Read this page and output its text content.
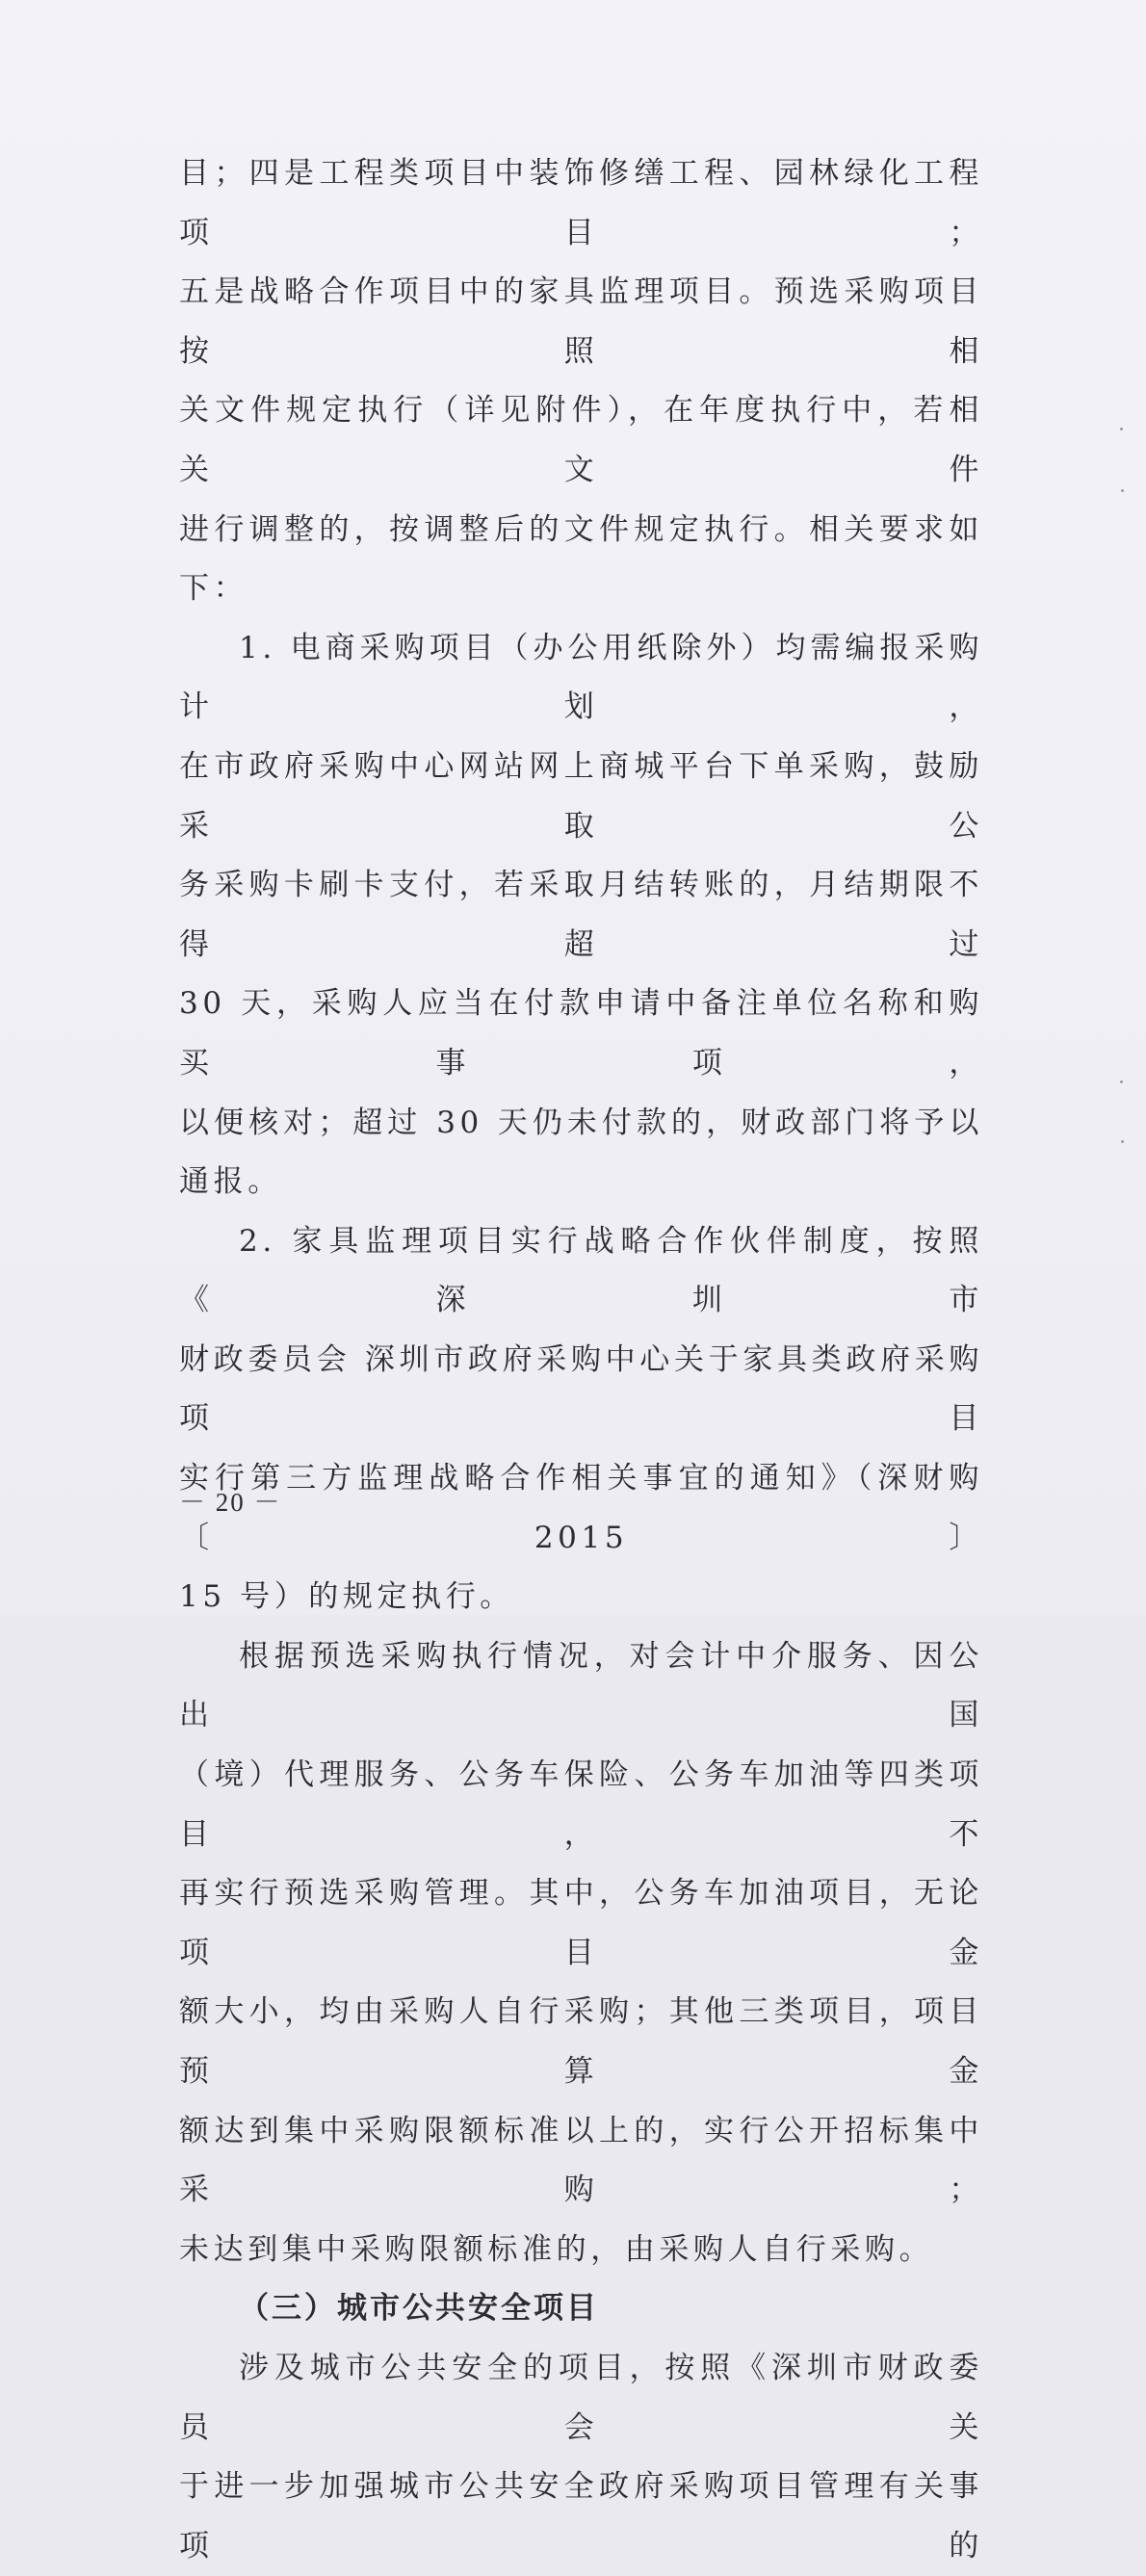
目；四是工程类项目中装饰修缮工程、园林绿化工程项目；

五是战略合作项目中的家具监理项目。预选采购项目按照相

关文件规定执行（详见附件），在年度执行中，若相关文件

进行调整的，按调整后的文件规定执行。相关要求如下：

1. 电商采购项目（办公用纸除外）均需编报采购计划，

在市政府采购中心网站网上商城平台下单采购，鼓励采取公

务采购卡刷卡支付，若采取月结转账的，月结期限不得超过

30 天，采购人应当在付款申请中备注单位名称和购买事项，

以便核对；超过 30 天仍未付款的，财政部门将予以通报。

2. 家具监理项目实行战略合作伙伴制度，按照《深圳市

财政委员会 深圳市政府采购中心关于家具类政府采购项目

实行第三方监理战略合作相关事宜的通知》（深财购〔2015〕

15 号）的规定执行。

根据预选采购执行情况，对会计中介服务、因公出国

（境）代理服务、公务车保险、公务车加油等四类项目，不

再实行预选采购管理。其中，公务车加油项目，无论项目金

额大小，均由采购人自行采购；其他三类项目，项目预算金

额达到集中采购限额标准以上的，实行公开招标集中采购；

未达到集中采购限额标准的，由采购人自行采购。

（三）城市公共安全项目

涉及城市公共安全的项目，按照《深圳市财政委员会关

于进一步加强城市公共安全政府采购项目管理有关事项的

－ 20 －
